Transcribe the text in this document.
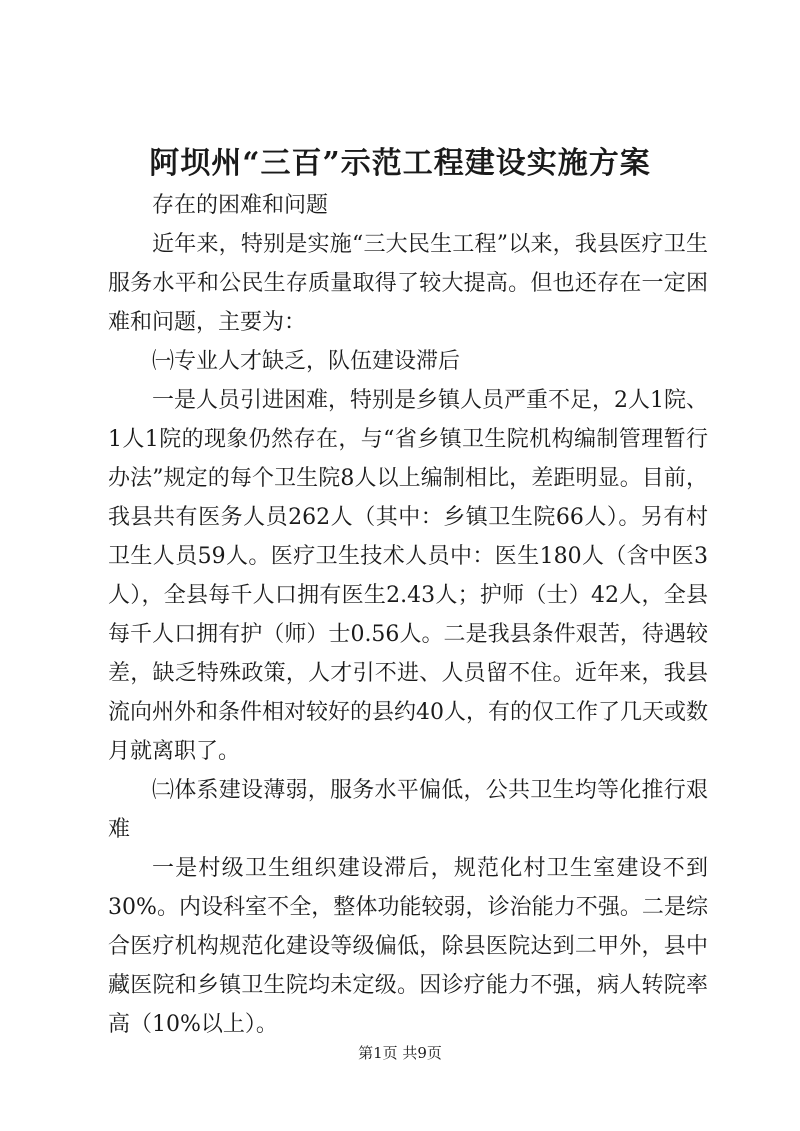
阿坝州“三百”示范工程建设实施方案

存在的困难和问题

近年来，特别是实施“三大民生工程”以来，我县医疗卫生服务水平和公民生存质量取得了较大提高。但也还存在一定困难和问题，主要为：

㈠专业人才缺乏，队伍建设滞后

一是人员引进困难，特别是乡镇人员严重不足，2人1院、1人1院的现象仍然存在，与“省乡镇卫生院机构编制管理暂行办法”规定的每个卫生院8人以上编制相比，差距明显。目前，我县共有医务人员262人（其中：乡镇卫生院66人）。另有村卫生人员59人。医疗卫生技术人员中：医生180人（含中医3人），全县每千人口拥有医生2.43人；护师（士）42人，全县每千人口拥有护（师）士0.56人。二是我县条件艰苦，待遇较差，缺乏特殊政策，人才引不进、人员留不住。近年来，我县流向州外和条件相对较好的县约40人，有的仅工作了几天或数月就离职了。

㈡体系建设薄弱，服务水平偏低，公共卫生均等化推行艰难

一是村级卫生组织建设滞后，规范化村卫生室建设不到30%。内设科室不全，整体功能较弱，诊治能力不强。二是综合医疗机构规范化建设等级偏低，除县医院达到二甲外，县中藏医院和乡镇卫生院均未定级。因诊疗能力不强，病人转院率高（10%以上）。

第1页 共9页
